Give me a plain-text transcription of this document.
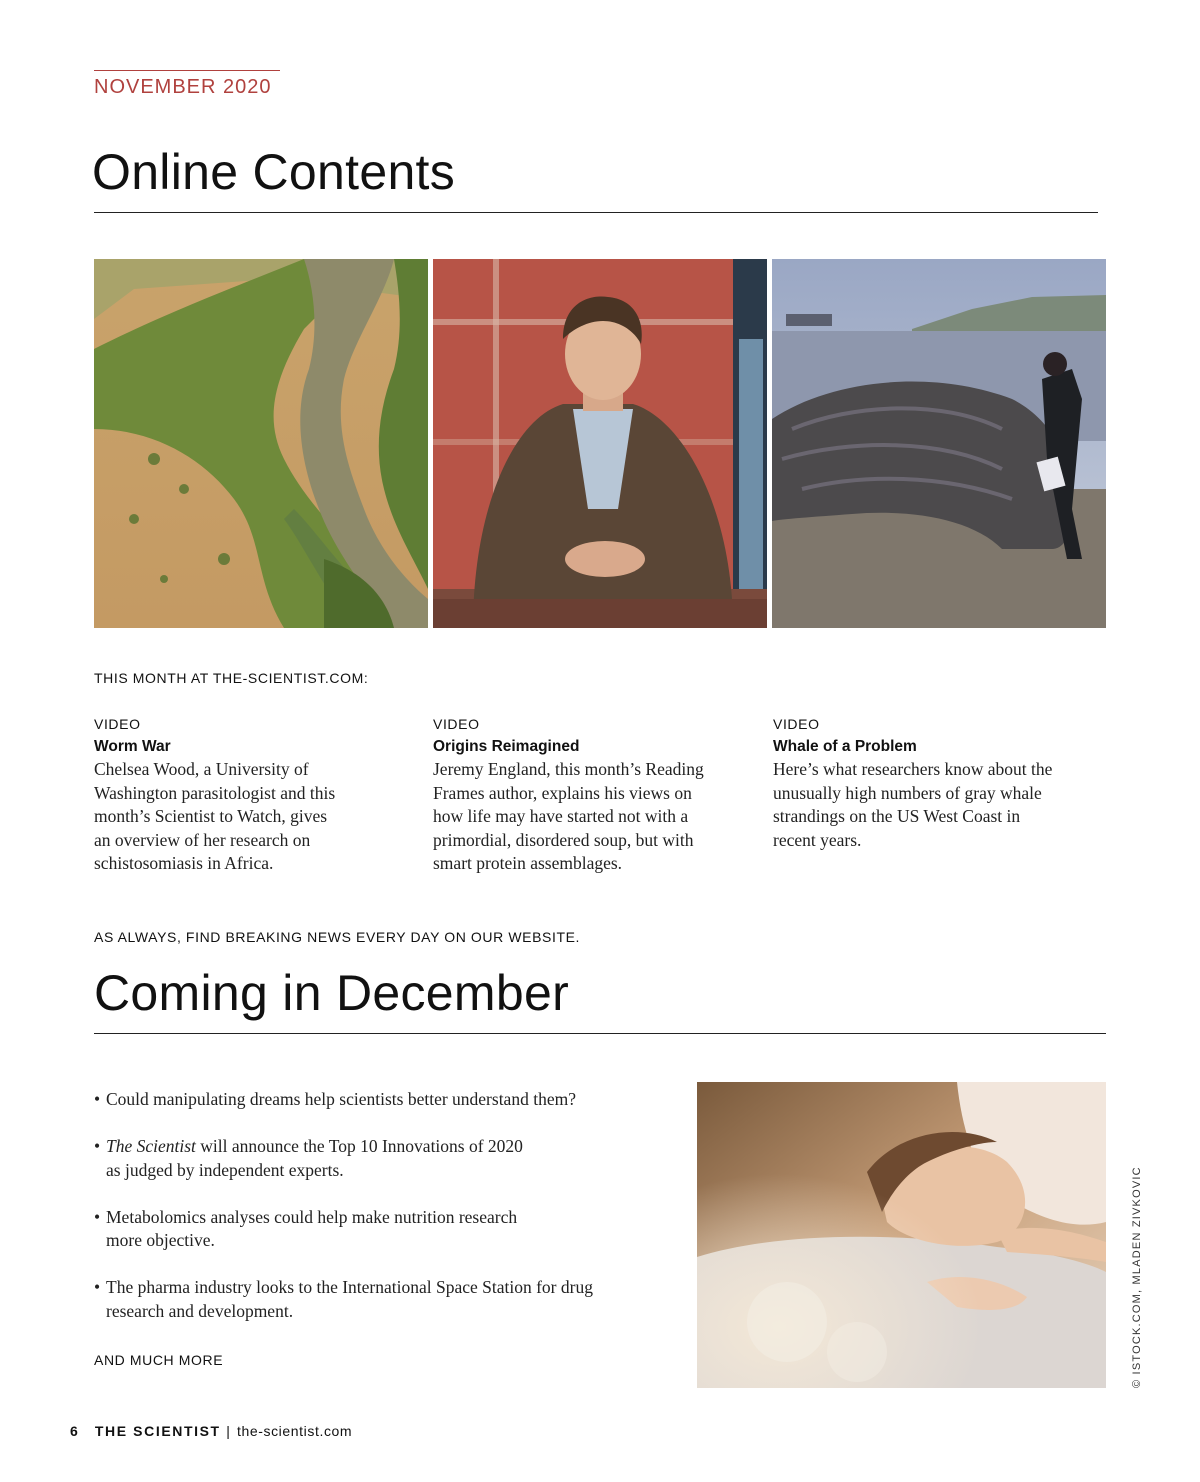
NOVEMBER 2020
Online Contents
THIS MONTH AT THE-SCIENTIST.COM:
VIDEO
Worm War
Chelsea Wood, a University of
Washington parasitologist and this
month’s Scientist to Watch, gives
an overview of her research on
schistosomiasis in Africa.
VIDEO
Origins Reimagined
Jeremy England, this month’s Reading
Frames author, explains his views on
how life may have started not with a
primordial, disordered soup, but with
smart protein assemblages.
VIDEO
Whale of a Problem
Here’s what researchers know about the
unusually high numbers of gray whale
strandings on the US West Coast in
recent years.
AS ALWAYS, FIND BREAKING NEWS EVERY DAY ON OUR WEBSITE.
Coming in December
• Could manipulating dreams help scientists better understand them?
• The Scientist will announce the Top 10 Innovations of 2020
as judged by independent experts.
• Metabolomics analyses could help make nutrition research
more objective.
• The pharma industry looks to the International Space Station for drug
research and development.
AND MUCH MORE	© ISTOCK.COM, MLADEN ZIVKOVIC
6 THE SCIENTIST | the-scientist.com
